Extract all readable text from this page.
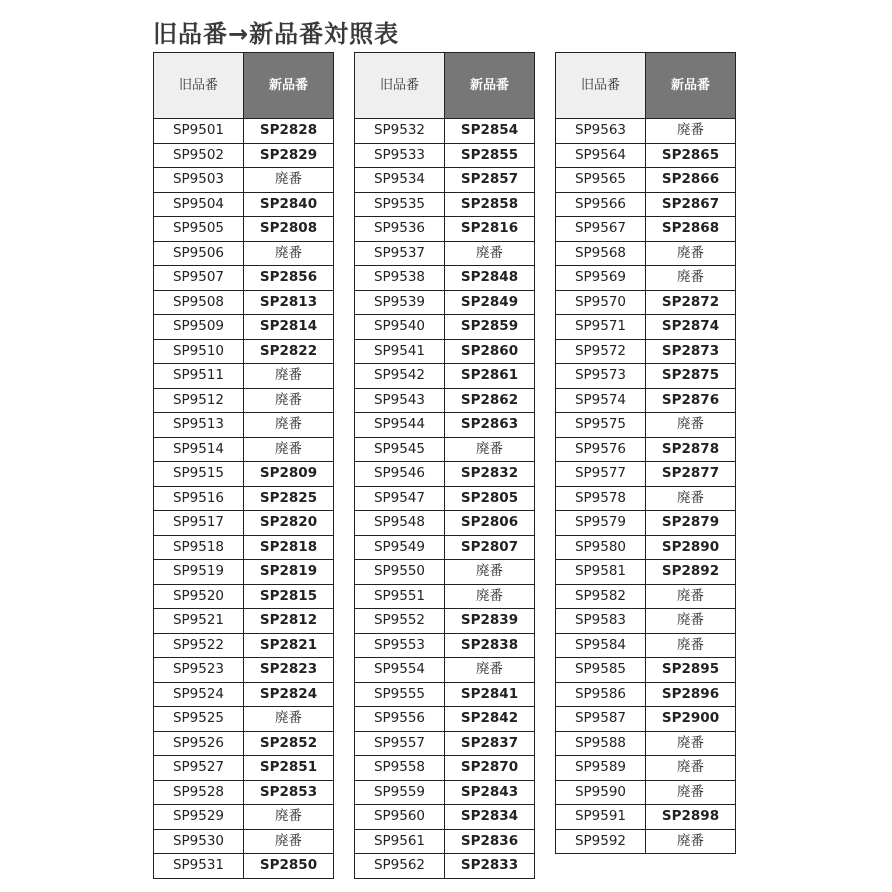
旧品番→新品番対照表
旧品番	新品番
SP9501	SP2828
SP9502	SP2829
SP9503	廃番
SP9504	SP2840
SP9505	SP2808
SP9506	廃番
SP9507	SP2856
SP9508	SP2813
SP9509	SP2814
SP9510	SP2822
SP9511	廃番
SP9512	廃番
SP9513	廃番
SP9514	廃番
SP9515	SP2809
SP9516	SP2825
SP9517	SP2820
SP9518	SP2818
SP9519	SP2819
SP9520	SP2815
SP9521	SP2812
SP9522	SP2821
SP9523	SP2823
SP9524	SP2824
SP9525	廃番
SP9526	SP2852
SP9527	SP2851
SP9528	SP2853
SP9529	廃番
SP9530	廃番
SP9531	SP2850
旧品番	新品番
SP9532	SP2854
SP9533	SP2855
SP9534	SP2857
SP9535	SP2858
SP9536	SP2816
SP9537	廃番
SP9538	SP2848
SP9539	SP2849
SP9540	SP2859
SP9541	SP2860
SP9542	SP2861
SP9543	SP2862
SP9544	SP2863
SP9545	廃番
SP9546	SP2832
SP9547	SP2805
SP9548	SP2806
SP9549	SP2807
SP9550	廃番
SP9551	廃番
SP9552	SP2839
SP9553	SP2838
SP9554	廃番
SP9555	SP2841
SP9556	SP2842
SP9557	SP2837
SP9558	SP2870
SP9559	SP2843
SP9560	SP2834
SP9561	SP2836
SP9562	SP2833
旧品番	新品番
SP9563	廃番
SP9564	SP2865
SP9565	SP2866
SP9566	SP2867
SP9567	SP2868
SP9568	廃番
SP9569	廃番
SP9570	SP2872
SP9571	SP2874
SP9572	SP2873
SP9573	SP2875
SP9574	SP2876
SP9575	廃番
SP9576	SP2878
SP9577	SP2877
SP9578	廃番
SP9579	SP2879
SP9580	SP2890
SP9581	SP2892
SP9582	廃番
SP9583	廃番
SP9584	廃番
SP9585	SP2895
SP9586	SP2896
SP9587	SP2900
SP9588	廃番
SP9589	廃番
SP9590	廃番
SP9591	SP2898
SP9592	廃番
